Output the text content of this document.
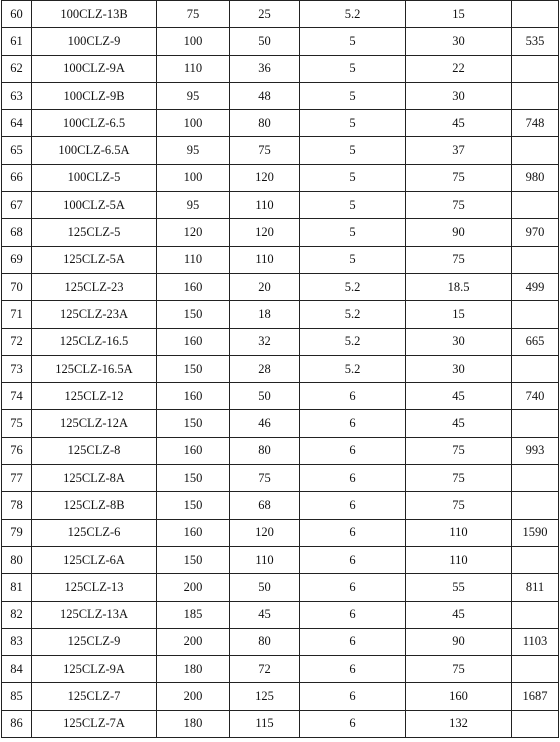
60	100CLZ-13B	75	25	5.2	15	
61	100CLZ-9	100	50	5	30	535
62	100CLZ-9A	110	36	5	22	
63	100CLZ-9B	95	48	5	30	
64	100CLZ-6.5	100	80	5	45	748
65	100CLZ-6.5A	95	75	5	37	
66	100CLZ-5	100	120	5	75	980
67	100CLZ-5A	95	110	5	75	
68	125CLZ-5	120	120	5	90	970
69	125CLZ-5A	110	110	5	75	
70	125CLZ-23	160	20	5.2	18.5	499
71	125CLZ-23A	150	18	5.2	15	
72	125CLZ-16.5	160	32	5.2	30	665
73	125CLZ-16.5A	150	28	5.2	30	
74	125CLZ-12	160	50	6	45	740
75	125CLZ-12A	150	46	6	45	
76	125CLZ-8	160	80	6	75	993
77	125CLZ-8A	150	75	6	75	
78	125CLZ-8B	150	68	6	75	
79	125CLZ-6	160	120	6	110	1590
80	125CLZ-6A	150	110	6	110	
81	125CLZ-13	200	50	6	55	811
82	125CLZ-13A	185	45	6	45	
83	125CLZ-9	200	80	6	90	1103
84	125CLZ-9A	180	72	6	75	
85	125CLZ-7	200	125	6	160	1687
86	125CLZ-7A	180	115	6	132	
